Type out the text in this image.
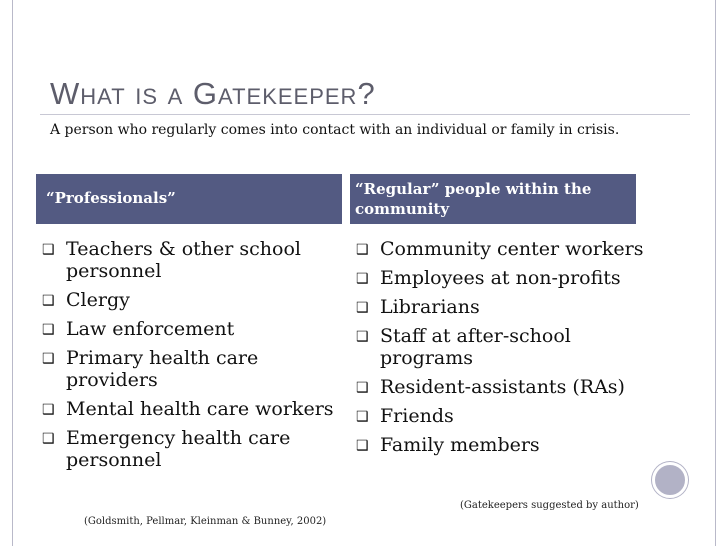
What is a Gatekeeper?
A person who regularly comes into contact with an individual or family in crisis.
“Professionals”	“Regular” people within the community
❑ Teachers & other school personnel
❑ Clergy
❑ Law enforcement
❑ Primary health care providers
❑ Mental health care workers
❑ Emergency health care personnel
❑ Community center workers
❑ Employees at non-profits
❑ Librarians
❑ Staff at after-school programs
❑ Resident-assistants (RAs)
❑ Friends
❑ Family members
(Gatekeepers suggested by author)
(Goldsmith, Pellmar, Kleinman & Bunney, 2002)
